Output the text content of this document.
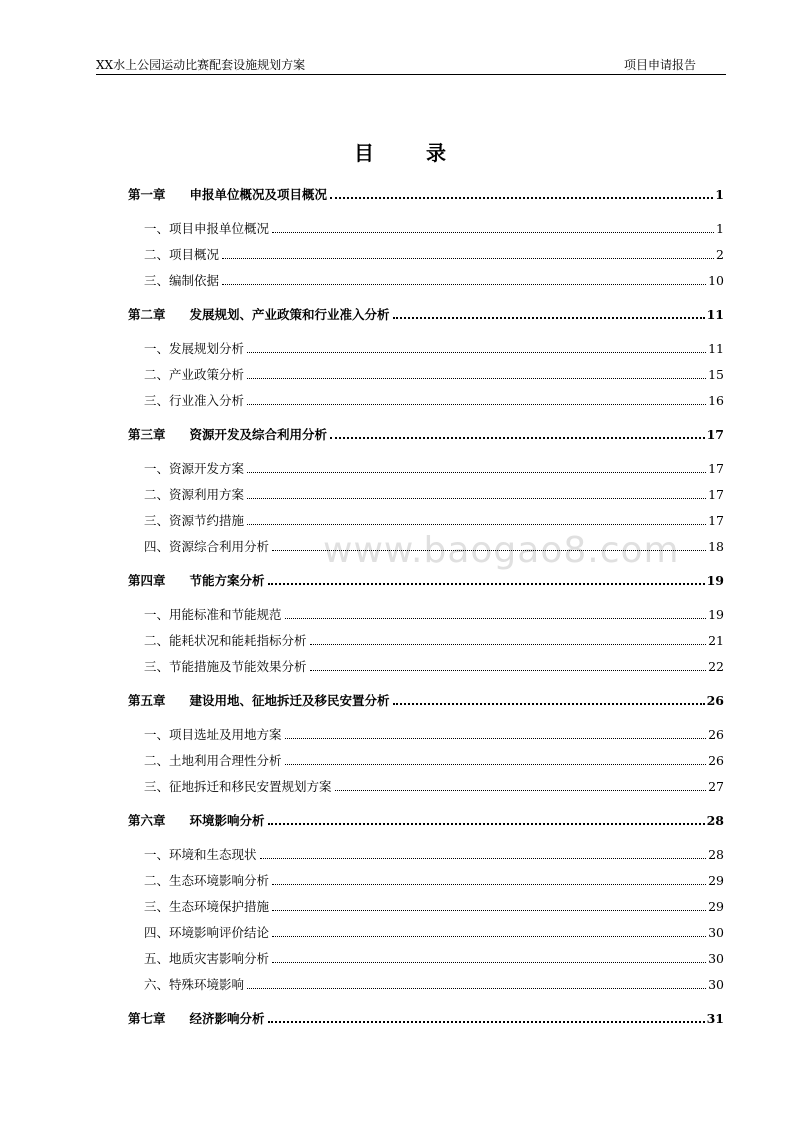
XX水上公园运动比赛配套设施规划方案	项目申请报告
目　录
www.baogao8.com
第一章 申报单位概况及项目概况	1
一、项目申报单位概况	1
二、项目概况	2
三、编制依据	10
第二章 发展规划、产业政策和行业准入分析	11
一、发展规划分析	11
二、产业政策分析	15
三、行业准入分析	16
第三章 资源开发及综合利用分析	17
一、资源开发方案	17
二、资源利用方案	17
三、资源节约措施	17
四、资源综合利用分析	18
第四章 节能方案分析	19
一、用能标准和节能规范	19
二、能耗状况和能耗指标分析	21
三、节能措施及节能效果分析	22
第五章 建设用地、征地拆迁及移民安置分析	26
一、项目选址及用地方案	26
二、土地利用合理性分析	26
三、征地拆迁和移民安置规划方案	27
第六章 环境影响分析	28
一、环境和生态现状	28
二、生态环境影响分析	29
三、生态环境保护措施	29
四、环境影响评价结论	30
五、地质灾害影响分析	30
六、特殊环境影响	30
第七章 经济影响分析	31
